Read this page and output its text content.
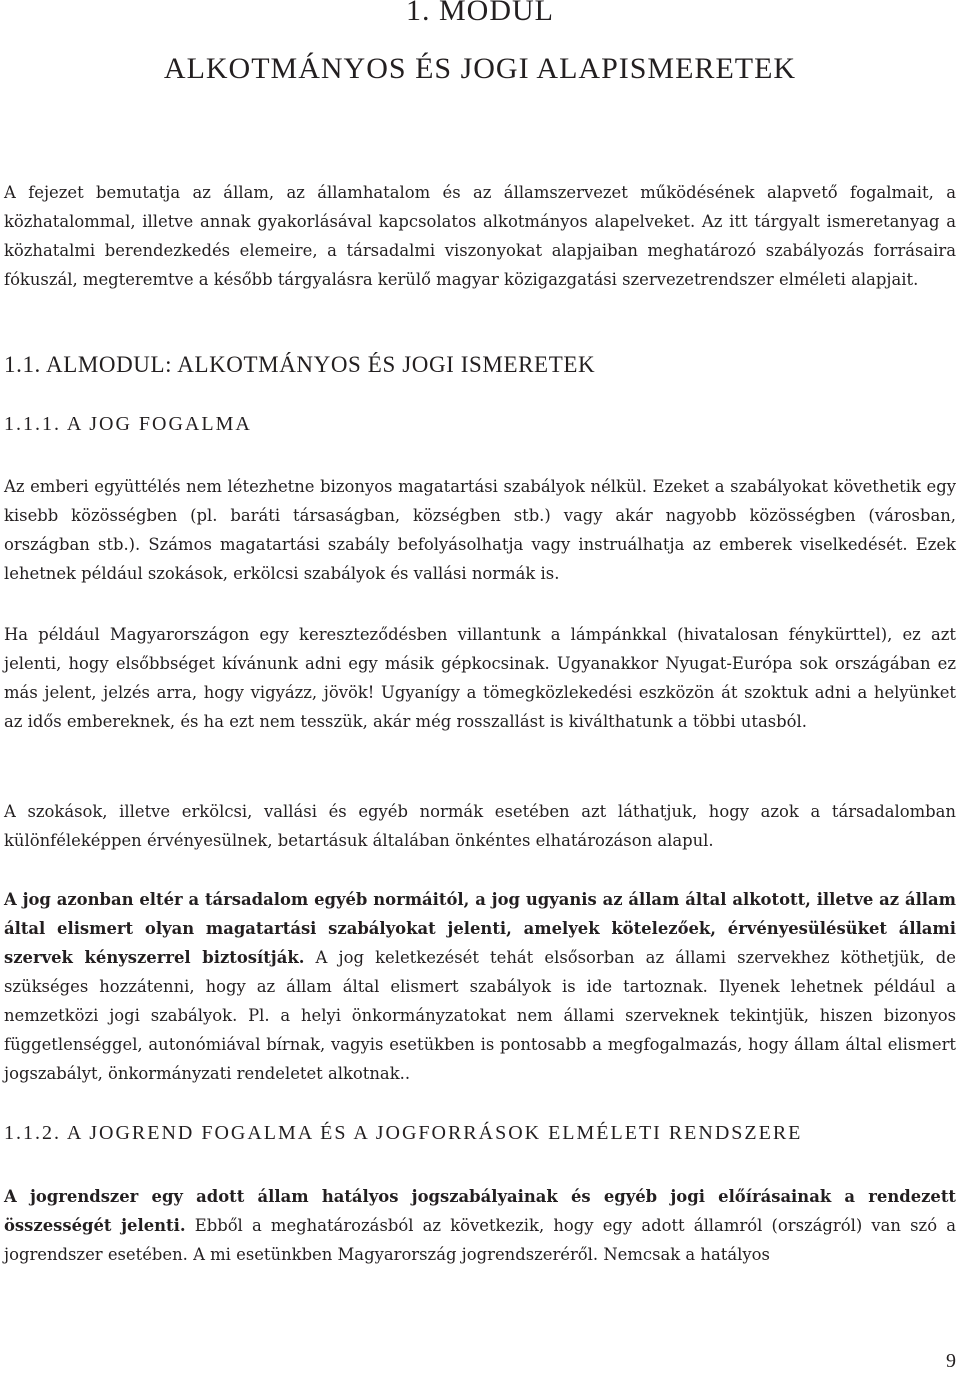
1. MODUL
ALKOTMÁNYOS ÉS JOGI ALAPISMERETEK

A fejezet bemutatja az állam, az államhatalom és az államszervezet működésének alapvető fogalmait, a közhatalommal, illetve annak gyakorlásával kapcsolatos alkotmányos alapelveket. Az itt tárgyalt ismeretanyag a közhatalmi berendezkedés elemeire, a társadalmi viszonyokat alapjaiban meghatározó szabályozás forrásaira fókuszál, megteremtve a később tárgyalásra kerülő magyar közigazgatási szervezetrendszer elméleti alapjait.

1.1. ALMODUL: ALKOTMÁNYOS ÉS JOGI ISMERETEK
1.1.1. A JOG FOGALMA

Az emberi együttélés nem létezhetne bizonyos magatartási szabályok nélkül. Ezeket a szabályokat követhetik egy kisebb közösségben (pl. baráti társaságban, községben stb.) vagy akár nagyobb közösségben (városban, országban stb.). Számos magatartási szabály befolyásolhatja vagy instruálhatja az emberek viselkedését. Ezek lehetnek például szokások, erkölcsi szabályok és vallási normák is.

Ha például Magyarországon egy kereszteződésben villantunk a lámpánkkal (hivatalosan fénykürttel), ez azt jelenti, hogy elsőbbséget kívánunk adni egy másik gépkocsinak. Ugyanakkor Nyugat-Európa sok országában ez más jelent, jelzés arra, hogy vigyázz, jövök! Ugyanígy a tömegközlekedési eszközön át szoktuk adni a helyünket az idős embereknek, és ha ezt nem tesszük, akár még rosszallást is kiválthatunk a többi utasból.

A szokások, illetve erkölcsi, vallási és egyéb normák esetében azt láthatjuk, hogy azok a társadalomban különféleképpen érvényesülnek, betartásuk általában önkéntes elhatározáson alapul.

A jog azonban eltér a társadalom egyéb normáitól, a jog ugyanis az állam által alkotott, illetve az állam által elismert olyan magatartási szabályokat jelenti, amelyek kötelezőek, érvényesülésüket állami szervek kényszerrel biztosítják. A jog keletkezését tehát elsősorban az állami szervekhez köthetjük, de szükséges hozzátenni, hogy az állam által elismert szabályok is ide tartoznak. Ilyenek lehetnek például a nemzetközi jogi szabályok. Pl. a helyi önkormányzatokat nem állami szerveknek tekintjük, hiszen bizonyos függetlenséggel, autonómiával bírnak, vagyis esetükben is pontosabb a megfogalmazás, hogy állam által elismert jogszabályt, önkormányzati rendeletet alkotnak..

1.1.2. A JOGREND FOGALMA ÉS A JOGFORRÁSOK ELMÉLETI RENDSZERE

A jogrendszer egy adott állam hatályos jogszabályainak és egyéb jogi előírásainak a rendezett összességét jelenti. Ebből a meghatározásból az következik, hogy egy adott államról (országról) van szó a jogrendszer esetében. A mi esetünkben Magyarország jogrendszeréről. Nemcsak a hatályos

9
